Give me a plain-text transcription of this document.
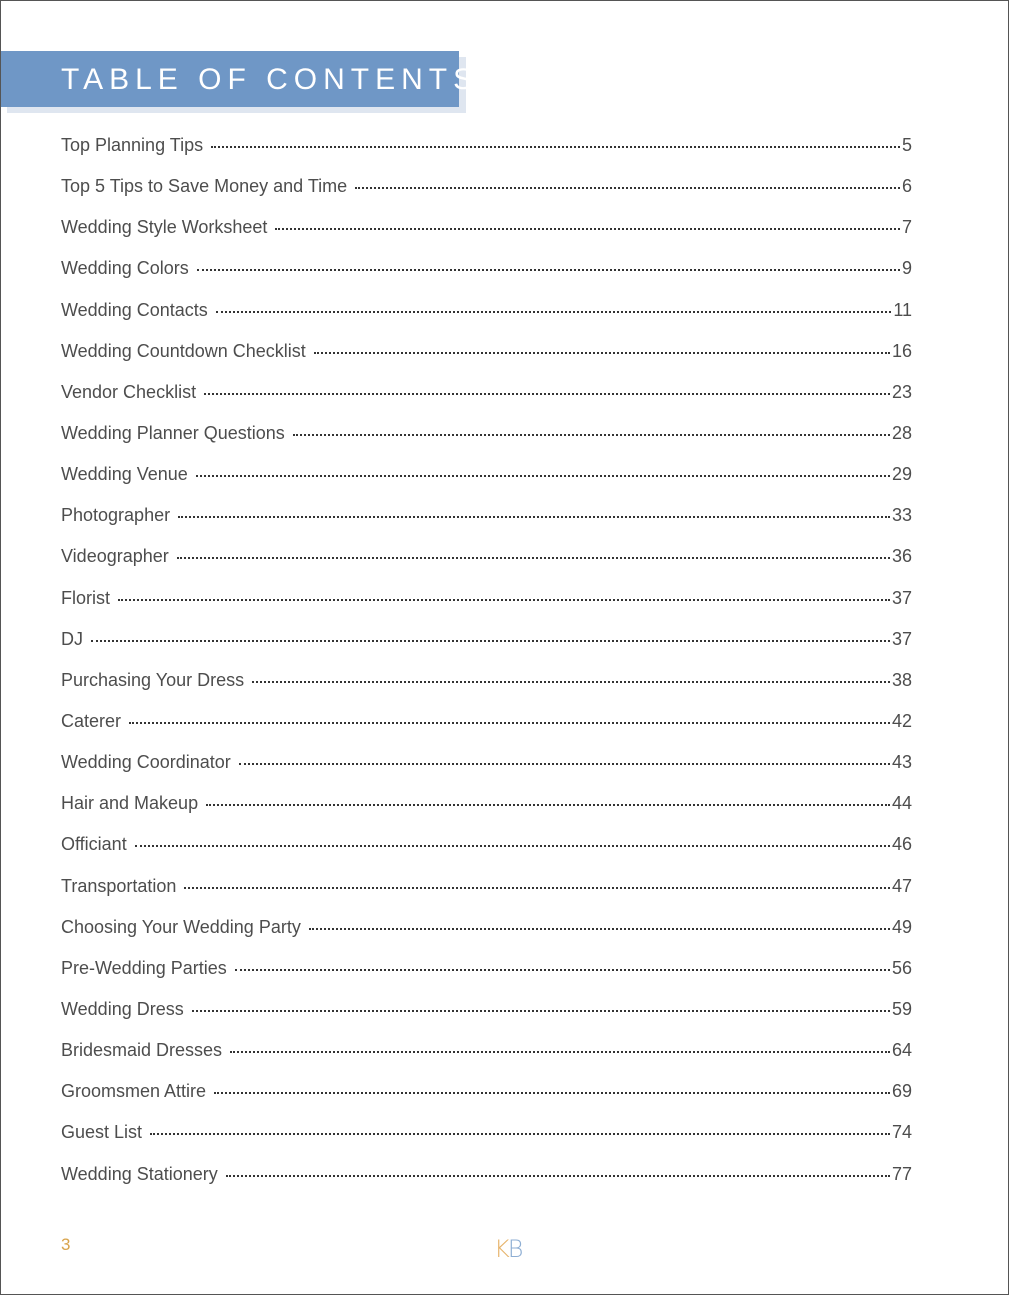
TABLE OF CONTENTS
Top Planning Tips	5
Top 5 Tips to Save Money and Time	6
Wedding Style Worksheet	7
Wedding Colors	9
Wedding Contacts	11
Wedding Countdown Checklist	16
Vendor Checklist	23
Wedding Planner Questions	28
Wedding Venue	29
Photographer	33
Videographer	36
Florist	37
DJ	37
Purchasing Your Dress	38
Caterer	42
Wedding Coordinator	43
Hair and Makeup	44
Officiant	46
Transportation	47
Choosing Your Wedding Party	49
Pre-Wedding Parties	56
Wedding Dress	59
Bridesmaid Dresses	64
Groomsmen Attire	69
Guest List	74
Wedding Stationery	77
3	KB
